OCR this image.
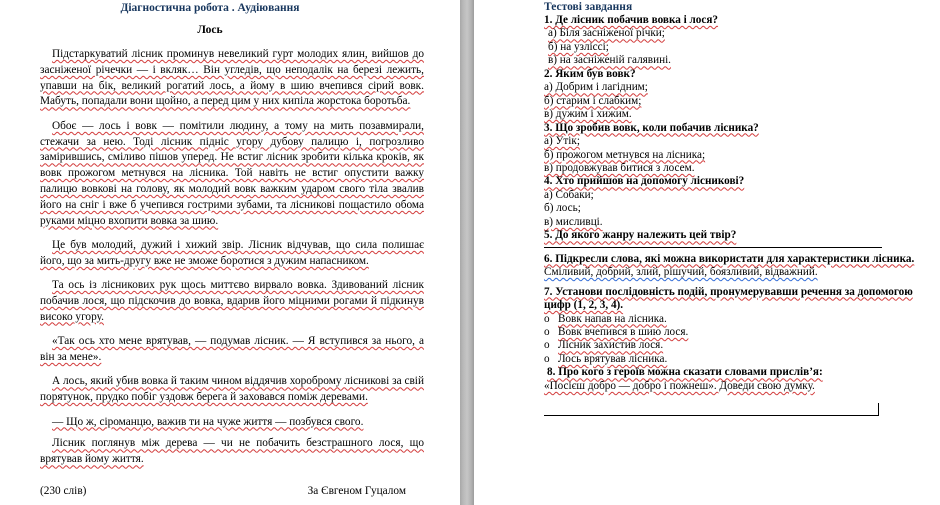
Діагностична робота . Аудіювання
Лось

Підстаркуватий лісник проминув невеликий гурт молодих ялин, вийшов до засніженої річечки — і вкляк… Він угледів, що неподалік на березі лежить, упавши на бік, великий рогатий лось, а йому в шию вчепився сірий вовк. Мабуть, попадали вони щойно, а перед цим у них кипіла жорстока боротьба.

Обоє — лось і вовк — помітили людину, а тому на мить позавмирали, стежачи за нею. Тоді лісник підніс угору дубову палицю і, погрозливо замірившись, сміливо пішов уперед. Не встиг лісник зробити кілька кроків, як вовк прожогом метнувся на лісника. Той навіть не встиг опустити важку палицю вовкові на голову, як молодий вовк важким ударом свого тіла звалив його на сніг і вже б учепився гострими зубами, та лісникові пощастило обома руками міцно вхопити вовка за шию.

Це був молодий, дужий і хижий звір. Лісник відчував, що сила полишає його, що за мить-другу вже не зможе боротися з дужим напасником.

Та ось із лісникових рук щось миттєво вирвало вовка. Здивований лісник побачив лося, що підскочив до вовка, вдарив його міцними рогами й підкинув високо угору.

«Так ось хто мене врятував, — подумав лісник. — Я вступився за нього, а він за мене».

А лось, який убив вовка й таким чином віддячив хороброму лісникові за свій порятунок, прудко побіг уздовж берега й заховався поміж деревами.

— Що ж, сіроманцю, важив ти на чуже життя — позбувся свого.

Лісник поглянув між дерева — чи не побачить безстрашного лося, що врятував йому життя.

(230 слів)	За Євгеном Гуцалом
Тестові завдання
1. Де лісник побачив вовка і лося?
а) Біля засніженої річки;
б) на узліссі;
в) на засніженій галявині.
2. Яким був вовк?
а) Добрим і лагідним;
б) старим і слабким;
в) дужим і хижим.
3. Що зробив вовк, коли побачив лісника?
а) Утік;
б) прожогом метнувся на лісника;
в) продовжував битися з лосем.
4. Хто прийшов на допомогу лісникові?
а) Собаки;
б) лось;
в) мисливці.
5. До якого жанру належить цей твір?
6. Підкресли слова, які можна використати для характеристики лісника.
Сміливий, добрий, злий, рішучий, боязливий, відважний.
7. Установи послідовність подій, пронумерувавши речення за допомогою цифр (1, 2, 3, 4).
o Вовк напав на лісника.
o Вовк вчепився в шию лося.
o Лісник захистив лося.
o Лось врятував лісника.
8. Про кого з героїв можна сказати словами прислів’я:
«Посієш добро — добро і пожнеш». Доведи свою думку.
